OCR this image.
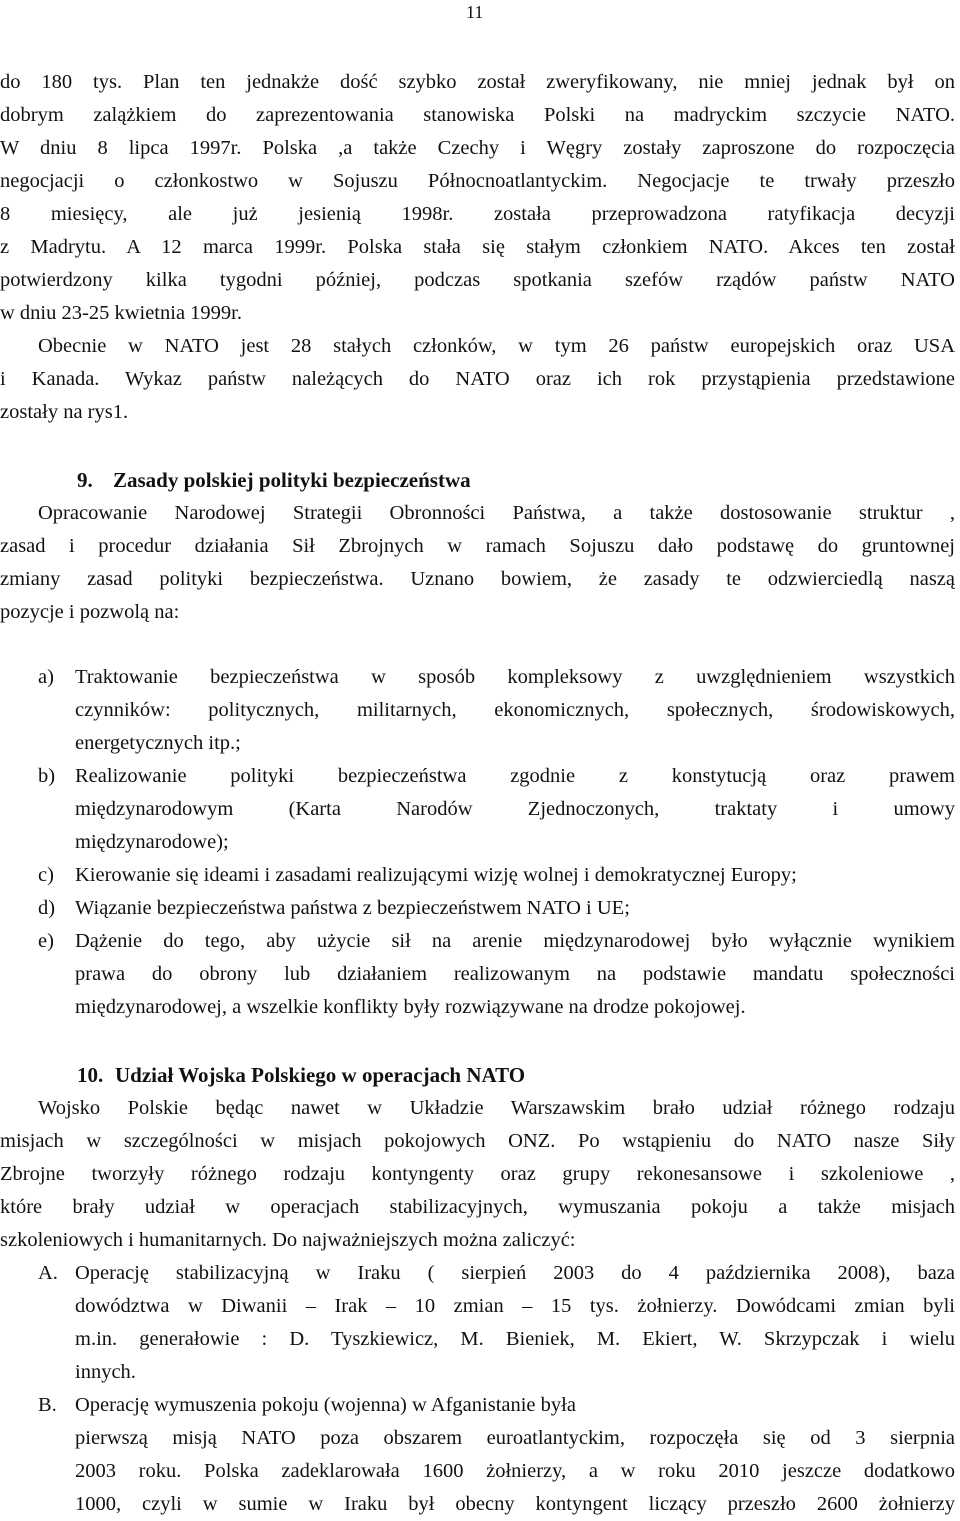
11
do 180 tys. Plan ten jednakże dość szybko został zweryfikowany, nie mniej jednak był on
dobrym zalążkiem do zaprezentowania stanowiska Polski na madryckim szczycie NATO.
W dniu 8 lipca 1997r. Polska ,a także Czechy i Węgry zostały zaproszone do rozpoczęcia
negocjacji o członkostwo w Sojuszu Północnoatlantyckim. Negocjacje te trwały przeszło
8 miesięcy, ale już jesienią 1998r. została przeprowadzona ratyfikacja decyzji
z Madrytu. A 12 marca 1999r. Polska stała się stałym członkiem NATO. Akces ten został
potwierdzony kilka tygodni później, podczas spotkania szefów rządów państw NATO
w dniu 23-25 kwietnia 1999r.
Obecnie w NATO jest 28 stałych członków, w tym 26 państw europejskich oraz USA
i Kanada. Wykaz państw należących do NATO oraz ich rok przystąpienia przedstawione
zostały na rys1.
9. Zasady polskiej polityki bezpieczeństwa
Opracowanie Narodowej Strategii Obronności Państwa, a także dostosowanie struktur ,
zasad i procedur działania Sił Zbrojnych w ramach Sojuszu dało podstawę do gruntownej
zmiany zasad polityki bezpieczeństwa. Uznano bowiem, że zasady te odzwierciedlą naszą
pozycje i pozwolą na:
a) Traktowanie bezpieczeństwa w sposób kompleksowy z uwzględnieniem wszystkich
czynników: politycznych, militarnych, ekonomicznych, społecznych, środowiskowych,
energetycznych itp.;
b) Realizowanie polityki bezpieczeństwa zgodnie z konstytucją oraz prawem
międzynarodowym (Karta Narodów Zjednoczonych, traktaty i umowy
międzynarodowe);
c) Kierowanie się ideami i zasadami realizującymi wizję wolnej i demokratycznej Europy;
d) Wiązanie bezpieczeństwa państwa z bezpieczeństwem NATO i UE;
e) Dążenie do tego, aby użycie sił na arenie międzynarodowej było wyłącznie wynikiem
prawa do obrony lub działaniem realizowanym na podstawie mandatu społeczności
międzynarodowej, a wszelkie konflikty były rozwiązywane na drodze pokojowej.
10. Udział Wojska Polskiego w operacjach NATO
Wojsko Polskie będąc nawet w Układzie Warszawskim brało udział różnego rodzaju
misjach w szczególności w misjach pokojowych ONZ. Po wstąpieniu do NATO nasze Siły
Zbrojne tworzyły różnego rodzaju kontyngenty oraz grupy rekonesansowe i szkoleniowe ,
które brały udział w operacjach stabilizacyjnych, wymuszania pokoju a także misjach
szkoleniowych i humanitarnych. Do najważniejszych można zaliczyć:
A. Operację stabilizacyjną w Iraku ( sierpień 2003 do 4 października 2008), baza
dowództwa w Diwanii – Irak – 10 zmian – 15 tys. żołnierzy. Dowódcami zmian byli
m.in. generałowie : D. Tyszkiewicz, M. Bieniek, M. Ekiert, W. Skrzypczak i wielu
innych.
B. Operację wymuszenia pokoju (wojenna) w Afganistanie była
pierwszą misją NATO poza obszarem euroatlantyckim, rozpoczęła się od 3 sierpnia
2003 roku. Polska zadeklarowała 1600 żołnierzy, a w roku 2010 jeszcze dodatkowo
1000, czyli w sumie w Iraku był obecny kontyngent liczący przeszło 2600 żołnierzy
